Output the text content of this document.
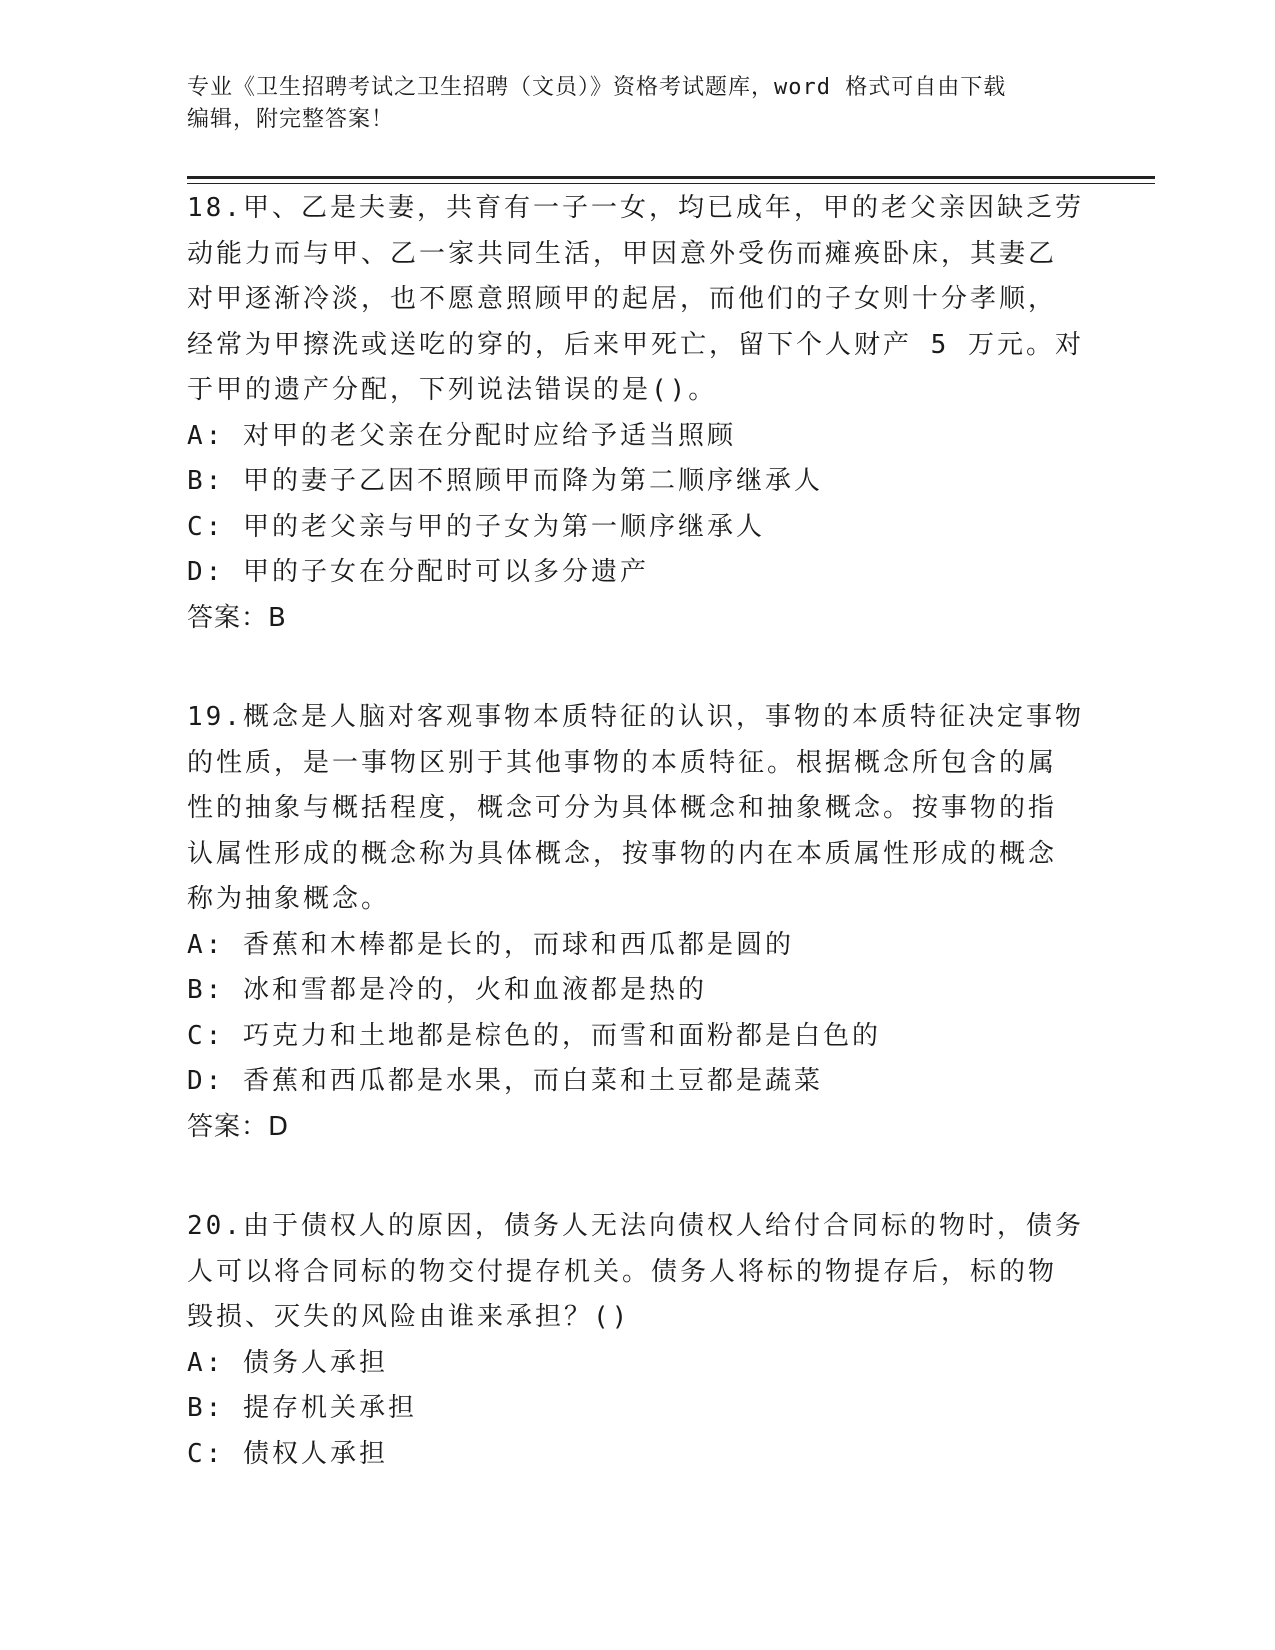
专业《卫生招聘考试之卫生招聘（文员）》资格考试题库，word 格式可自由下载
编辑，附完整答案！
18.甲、乙是夫妻，共育有一子一女，均已成年，甲的老父亲因缺乏劳
动能力而与甲、乙一家共同生活，甲因意外受伤而瘫痪卧床，其妻乙
对甲逐渐冷淡，也不愿意照顾甲的起居，而他们的子女则十分孝顺，
经常为甲擦洗或送吃的穿的，后来甲死亡，留下个人财产 5 万元。对
于甲的遗产分配，下列说法错误的是()。
A: 对甲的老父亲在分配时应给予适当照顾
B: 甲的妻子乙因不照顾甲而降为第二顺序继承人
C: 甲的老父亲与甲的子女为第一顺序继承人
D: 甲的子女在分配时可以多分遗产
答案：B
19.概念是人脑对客观事物本质特征的认识，事物的本质特征决定事物
的性质，是一事物区别于其他事物的本质特征。根据概念所包含的属
性的抽象与概括程度，概念可分为具体概念和抽象概念。按事物的指
认属性形成的概念称为具体概念，按事物的内在本质属性形成的概念
称为抽象概念。
A: 香蕉和木棒都是长的，而球和西瓜都是圆的
B: 冰和雪都是冷的，火和血液都是热的
C: 巧克力和土地都是棕色的，而雪和面粉都是白色的
D: 香蕉和西瓜都是水果，而白菜和土豆都是蔬菜
答案：D
20.由于债权人的原因，债务人无法向债权人给付合同标的物时，债务
人可以将合同标的物交付提存机关。债务人将标的物提存后，标的物
毁损、灭失的风险由谁来承担？()
A: 债务人承担
B: 提存机关承担
C: 债权人承担
